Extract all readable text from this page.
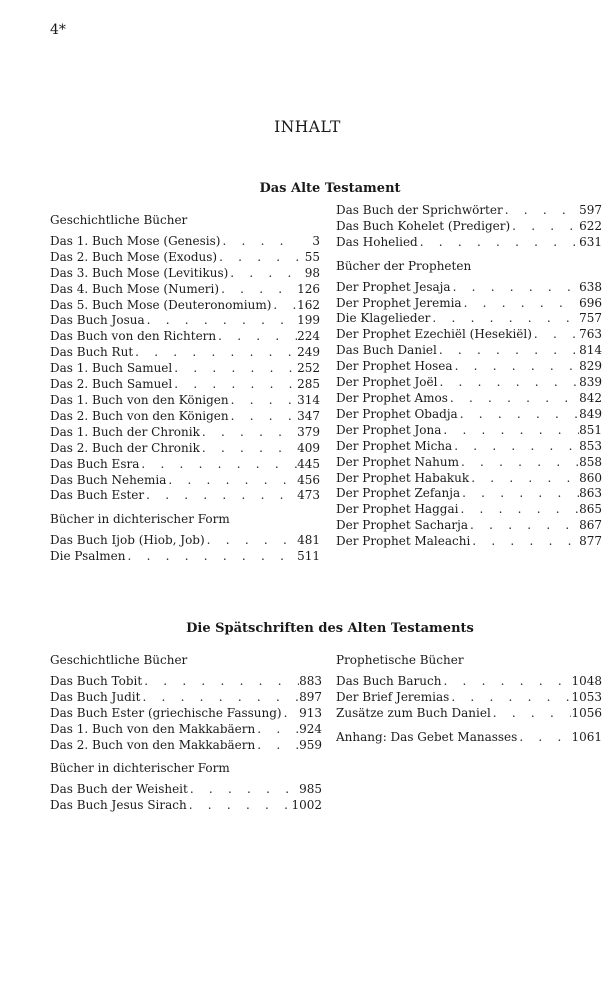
4*
INHALT
Das Alte Testament
Geschichtliche Bücher
Das 1. Buch Mose (Genesis) .	3
Das 2. Buch Mose (Exodus) .	55
Das 3. Buch Mose (Levitikus) .	98
Das 4. Buch Mose (Numeri) .	126
Das 5. Buch Mose (Deuteronomium) . 162
Das Buch Josua .	199
Das Buch von den Richtern .	224
Das Buch Rut .	249
Das 1. Buch Samuel .	252
Das 2. Buch Samuel .	285
Das 1. Buch von den Königen .	314
Das 2. Buch von den Königen .	347
Das 1. Buch der Chronik .	379
Das 2. Buch der Chronik .	409
Das Buch Esra .	445
Das Buch Nehemia .	456
Das Buch Ester .	473
Bücher in dichterischer Form
Das Buch Ijob (Hiob, Job) .	481
Die Psalmen .	511
Das Buch der Sprichwörter .	597
Das Buch Kohelet (Prediger) .	622
Das Hohelied .	631
Bücher der Propheten
Der Prophet Jesaja .	638
Der Prophet Jeremia .	696
Die Klagelieder .	757
Der Prophet Ezechiël (Hesekiël) .	763
Das Buch Daniel .	814
Der Prophet Hosea .	829
Der Prophet Joël .	839
Der Prophet Amos .	842
Der Prophet Obadja .	849
Der Prophet Jona .	851
Der Prophet Micha .	853
Der Prophet Nahum .	858
Der Prophet Habakuk .	860
Der Prophet Zefanja .	863
Der Prophet Haggai .	865
Der Prophet Sacharja .	867
Der Prophet Maleachi .	877
Die Spätschriften des Alten Testaments
Geschichtliche Bücher
Das Buch Tobit .	883
Das Buch Judit .	897
Das Buch Ester (griechische Fassung) . 913
Das 1. Buch von den Makkabäern .	924
Das 2. Buch von den Makkabäern .	959
Bücher in dichterischer Form
Das Buch der Weisheit .	985
Das Buch Jesus Sirach .	1002
Prophetische Bücher
Das Buch Baruch .	1048
Der Brief Jeremias .	1053
Zusätze zum Buch Daniel .	1056
Anhang: Das Gebet Manasses .	1061
